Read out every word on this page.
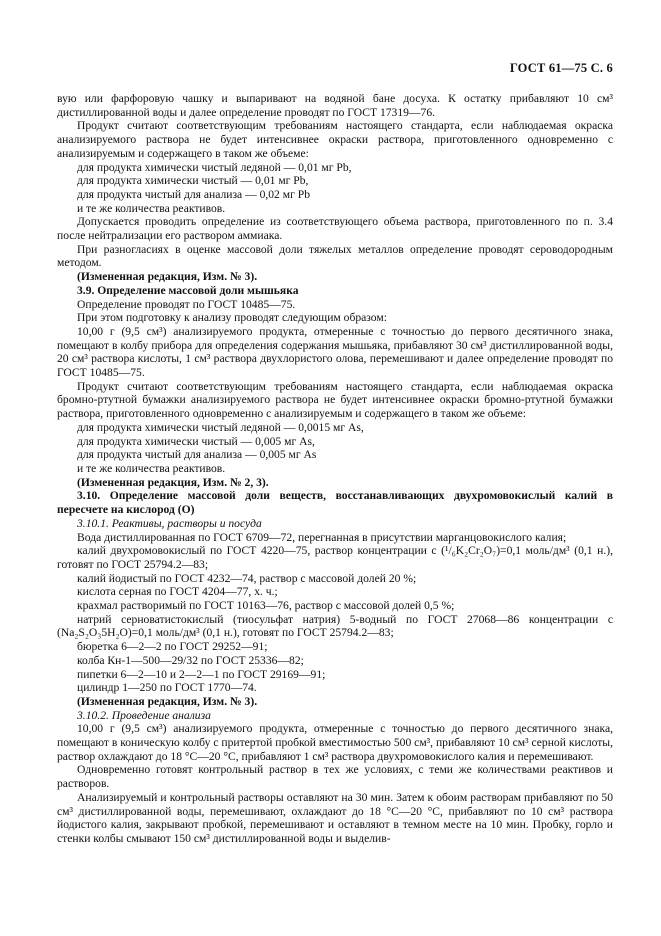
ГОСТ 61—75 С. 6

вую или фарфоровую чашку и выпаривают на водяной бане досуха. К остатку прибавляют 10 см³ дистиллированной воды и далее определение проводят по ГОСТ 17319—76.

Продукт считают соответствующим требованиям настоящего стандарта, если наблюдаемая окраска анализируемого раствора не будет интенсивнее окраски раствора, приготовленного одновременно с анализируемым и содержащего в таком же объеме:

для продукта химически чистый ледяной — 0,01 мг Pb,

для продукта химически чистый — 0,01 мг Pb,

для продукта чистый для анализа — 0,02 мг Pb

и те же количества реактивов.

Допускается проводить определение из соответствующего объема раствора, приготовленного по п. 3.4 после нейтрализации его раствором аммиака.

При разногласиях в оценке массовой доли тяжелых металлов определение проводят сероводородным методом.

(Измененная редакция, Изм. № 3).

3.9. Определение массовой доли мышьяка

Определение проводят по ГОСТ 10485—75.

При этом подготовку к анализу проводят следующим образом:

10,00 г (9,5 см³) анализируемого продукта, отмеренные с точностью до первого десятичного знака, помещают в колбу прибора для определения содержания мышьяка, прибавляют 30 см³ дистиллированной воды, 20 см³ раствора кислоты, 1 см³ раствора двухлористого олова, перемешивают и далее определение проводят по ГОСТ 10485—75.

Продукт считают соответствующим требованиям настоящего стандарта, если наблюдаемая окраска бромно-ртутной бумажки анализируемого раствора не будет интенсивнее окраски бромно-ртутной бумажки раствора, приготовленного одновременно с анализируемым и содержащего в таком же объеме:

для продукта химически чистый ледяной — 0,0015 мг As,

для продукта химически чистый — 0,005 мг As,

для продукта чистый для анализа — 0,005 мг As

и те же количества реактивов.

(Измененная редакция, Изм. № 2, 3).

3.10. Определение массовой доли веществ, восстанавливающих двухромовокислый калий в пересчете на кислород (О)

3.10.1. Реактивы, растворы и посуда

Вода дистиллированная по ГОСТ 6709—72, перегнанная в присутствии марганцовокислого калия;

калий двухромовокислый по ГОСТ 4220—75, раствор концентрации с (¹/₆K₂Cr₂O₇)=0,1 моль/дм³ (0,1 н.), готовят по ГОСТ 25794.2—83;

калий йодистый по ГОСТ 4232—74, раствор с массовой долей 20 %;

кислота серная по ГОСТ 4204—77, х. ч.;

крахмал растворимый по ГОСТ 10163—76, раствор с массовой долей 0,5 %;

натрий серноватистокислый (тиосульфат натрия) 5-водный по ГОСТ 27068—86 концентрации с (Na₂S₂O₃5H₂O)=0,1 моль/дм³ (0,1 н.), готовят по ГОСТ 25794.2—83;

бюретка 6—2—2 по ГОСТ 29252—91;

колба Кн-1—500—29/32 по ГОСТ 25336—82;

пипетки 6—2—10 и 2—2—1 по ГОСТ 29169—91;

цилиндр 1—250 по ГОСТ 1770—74.

(Измененная редакция, Изм. № 3).

3.10.2. Проведение анализа

10,00 г (9,5 см³) анализируемого продукта, отмеренные с точностью до первого десятичного знака, помещают в коническую колбу с притертой пробкой вместимостью 500 см³, прибавляют 10 см³ серной кислоты, раствор охлаждают до 18 °С—20 °С, прибавляют 1 см³ раствора двухромовокислого калия и перемешивают.

Одновременно готовят контрольный раствор в тех же условиях, с теми же количествами реактивов и растворов.

Анализируемый и контрольный растворы оставляют на 30 мин. Затем к обоим растворам прибавляют по 50 см³ дистиллированной воды, перемешивают, охлаждают до 18 °С—20 °С, прибавляют по 10 см³ раствора йодистого калия, закрывают пробкой, перемешивают и оставляют в темном месте на 10 мин. Пробку, горло и стенки колбы смывают 150 см³ дистиллированной воды и выделив-
